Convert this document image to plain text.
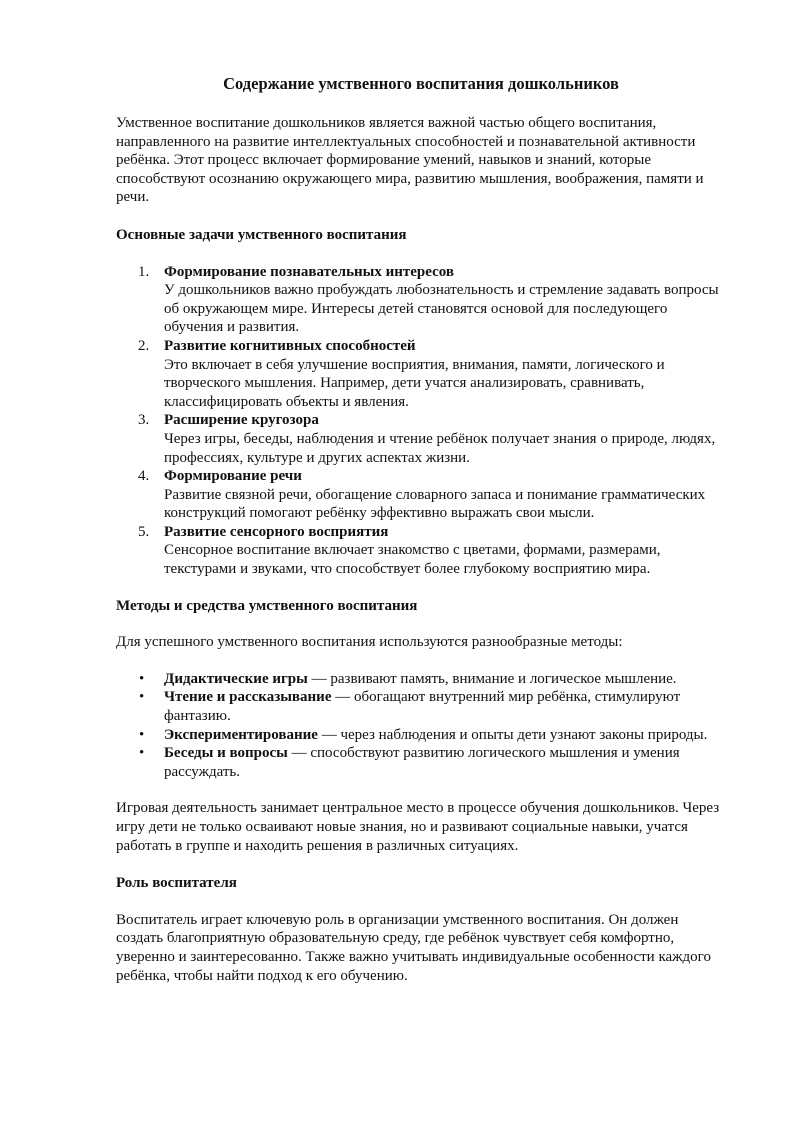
Содержание умственного воспитания дошкольников

Умственное воспитание дошкольников является важной частью общего воспитания, направленного на развитие интеллектуальных способностей и познавательной активности ребёнка. Этот процесс включает формирование умений, навыков и знаний, которые способствуют осознанию окружающего мира, развитию мышления, воображения, памяти и речи.

Основные задачи умственного воспитания
1. Формирование познавательных интересов
У дошкольников важно пробуждать любознательность и стремление задавать вопросы об окружающем мире. Интересы детей становятся основой для последующего обучения и развития.
2. Развитие когнитивных способностей
Это включает в себя улучшение восприятия, внимания, памяти, логического и творческого мышления. Например, дети учатся анализировать, сравнивать, классифицировать объекты и явления.
3. Расширение кругозора
Через игры, беседы, наблюдения и чтение ребёнок получает знания о природе, людях, профессиях, культуре и других аспектах жизни.
4. Формирование речи
Развитие связной речи, обогащение словарного запаса и понимание грамматических конструкций помогают ребёнку эффективно выражать свои мысли.
5. Развитие сенсорного восприятия
Сенсорное воспитание включает знакомство с цветами, формами, размерами, текстурами и звуками, что способствует более глубокому восприятию мира.
Методы и средства умственного воспитания

Для успешного умственного воспитания используются разнообразные методы:

• Дидактические игры — развивают память, внимание и логическое мышление.
• Чтение и рассказывание — обогащают внутренний мир ребёнка, стимулируют фантазию.
• Экспериментирование — через наблюдения и опыты дети узнают законы природы.
• Беседы и вопросы — способствуют развитию логического мышления и умения рассуждать.

Игровая деятельность занимает центральное место в процессе обучения дошкольников. Через игру дети не только осваивают новые знания, но и развивают социальные навыки, учатся работать в группе и находить решения в различных ситуациях.

Роль воспитателя

Воспитатель играет ключевую роль в организации умственного воспитания. Он должен создать благоприятную образовательную среду, где ребёнок чувствует себя комфортно, уверенно и заинтересованно. Также важно учитывать индивидуальные особенности каждого ребёнка, чтобы найти подход к его обучению.
